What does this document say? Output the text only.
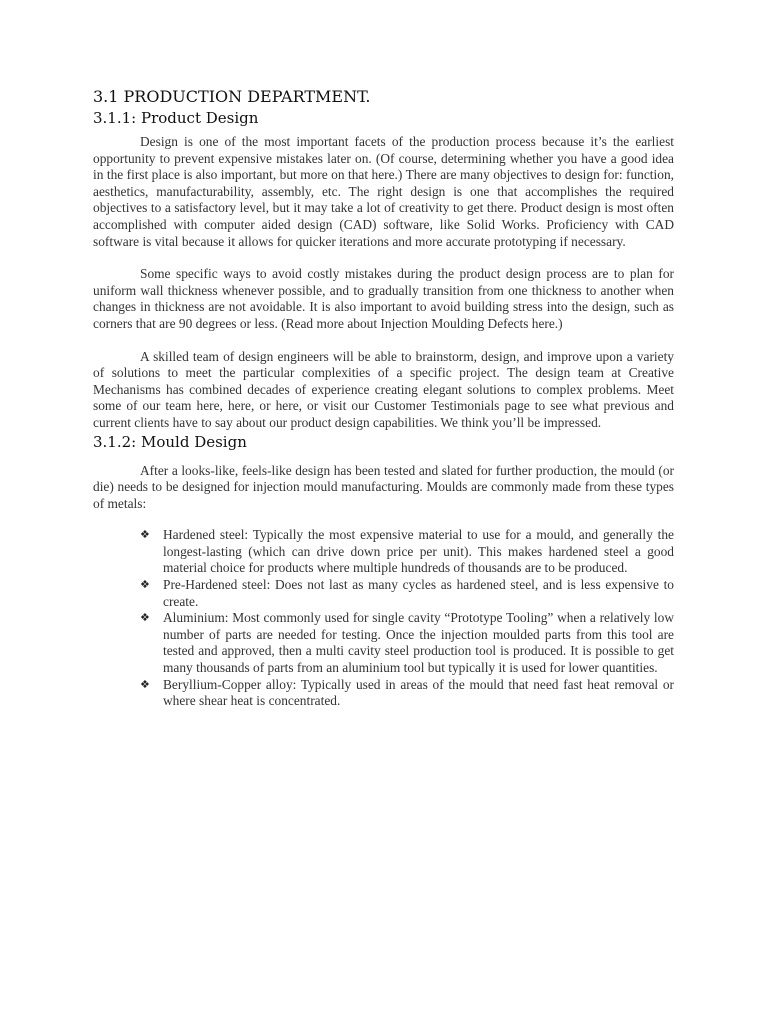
3.1 PRODUCTION DEPARTMENT.
3.1.1: Product Design

Design is one of the most important facets of the production process because it’s the earliest opportunity to prevent expensive mistakes later on. (Of course, determining whether you have a good idea in the first place is also important, but more on that here.) There are many objectives to design for: function, aesthetics, manufacturability, assembly, etc. The right design is one that accomplishes the required objectives to a satisfactory level, but it may take a lot of creativity to get there. Product design is most often accomplished with computer aided design (CAD) software, like Solid Works. Proficiency with CAD software is vital because it allows for quicker iterations and more accurate prototyping if necessary.

Some specific ways to avoid costly mistakes during the product design process are to plan for uniform wall thickness whenever possible, and to gradually transition from one thickness to another when changes in thickness are not avoidable. It is also important to avoid building stress into the design, such as corners that are 90 degrees or less. (Read more about Injection Moulding Defects here.)

A skilled team of design engineers will be able to brainstorm, design, and improve upon a variety of solutions to meet the particular complexities of a specific project. The design team at Creative Mechanisms has combined decades of experience creating elegant solutions to complex problems. Meet some of our team here, here, or here, or visit our Customer Testimonials page to see what previous and current clients have to say about our product design capabilities. We think you’ll be impressed.

3.1.2: Mould Design

After a looks-like, feels-like design has been tested and slated for further production, the mould (or die) needs to be designed for injection mould manufacturing. Moulds are commonly made from these types of metals:

❖ Hardened steel: Typically the most expensive material to use for a mould, and generally the longest-lasting (which can drive down price per unit). This makes hardened steel a good material choice for products where multiple hundreds of thousands are to be produced.
❖ Pre-Hardened steel: Does not last as many cycles as hardened steel, and is less expensive to create.
❖ Aluminium: Most commonly used for single cavity “Prototype Tooling” when a relatively low number of parts are needed for testing. Once the injection moulded parts from this tool are tested and approved, then a multi cavity steel production tool is produced. It is possible to get many thousands of parts from an aluminium tool but typically it is used for lower quantities.
❖ Beryllium-Copper alloy: Typically used in areas of the mould that need fast heat removal or where shear heat is concentrated.
